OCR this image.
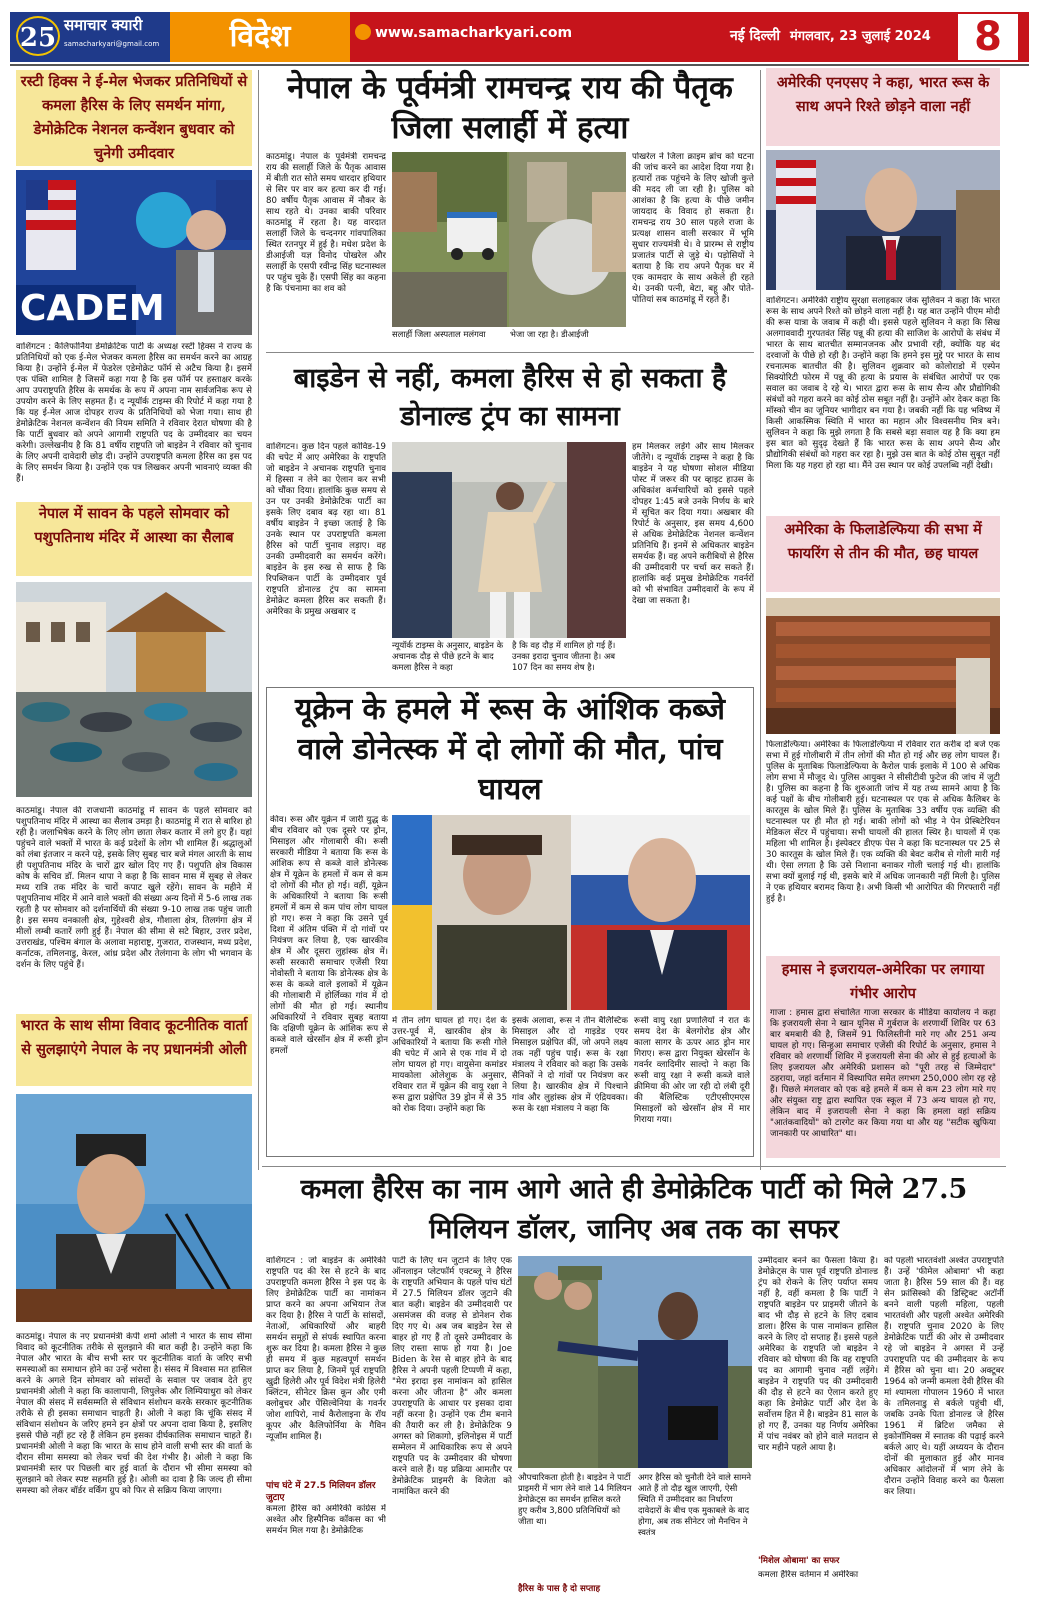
25 समाचार क्यारी
samacharkyari@gmail.com	विदेश	www.samacharkyari.com	नई दिल्ली मंगलवार, 23 जुलाई 2024	8
रस्टी हिक्स ने ई-मेल भेजकर प्रतिनिधियों से कमला हैरिस के लिए समर्थन मांगा, डेमोक्रेटिक नेशनल कन्वेंशन बुधवार को चुनेगी उमीदवार
CADEM
वाशिंगटन : कैलिफोर्निया डेमोक्रेटिक पार्टी के अध्यक्ष रस्टी हिक्स ने राज्य के प्रतिनिधियों को एक ई-मेल भेजकर कमला हैरिस का समर्थन करने का आग्रह किया है। उन्होंने ई-मेल में फेडरेल एडेमोक्रेट फॉर्म से अटैच किया है। इसमें एक पंक्ति शामिल है जिसमें कहा गया है कि इस फॉर्म पर हस्ताक्षर करके आप उपराष्ट्रपति हैरिस के समर्थक के रूप में अपना नाम सार्वजनिक रूप से उपयोग करने के लिए सहमत हैं। द न्यूयॉर्क टाइम्स की रिपोर्ट में कहा गया है कि यह ई-मेल आज दोपहर राज्य के प्रतिनिधियों को भेजा गया। साथ ही डेमोक्रेटिक नेशनल कन्वेंशन की नियम समिति ने रविवार देरात घोषणा की है कि पार्टी बुधवार को अपने आगामी राष्ट्रपति पद के उम्मीदवार का चयन करेगी। उल्लेखनीय है कि 81 वर्षीय राष्ट्रपति जो बाइडेन ने रविवार को चुनाव के लिए अपनी दावेदारी छोड़ दी। उन्होंने उपराष्ट्रपति कमला हैरिस का इस पद के लिए समर्थन किया है। उन्होंने एक पत्र लिखकर अपनी भावनाएं व्यक्त की हैं।
नेपाल में सावन के पहले सोमवार को पशुपतिनाथ मंदिर में आस्था का सैलाब
काठमांडू। नेपाल की राजधानी काठमांडू में सावन के पहले सोमवार को पशुपतिनाथ मंदिर में आस्था का सैलाब उमड़ा है। काठमांडू में रात से बारिश हो रही है। जलाभिषेक करने के लिए लोग छाता लेकर कतार में लगे हुए हैं। यहां पहुंचने वाले भक्तों में भारत के कई प्रदेशों के लोग भी शामिल हैं। श्रद्धालुओं को लंबा इंतजार न करने पड़े, इसके लिए सुबह चार बजे मंगल आरती के साथ ही पशुपतिनाथ मंदिर के चारों द्वार खोल दिए गए हैं। पशुपति क्षेत्र विकास कोष के सचिव डॉ. मिलन थापा ने कहा है कि सावन मास में सुबह से लेकर मध्य रात्रि तक मंदिर के चारों कपाट खुले रहेंगे। सावन के महीने में पशुपतिनाथ मंदिर में आने वाले भक्तों की संख्या अन्य दिनों में 5-6 लाख तक रहती है पर सोमवार को दर्शनार्थियों की संख्या 9-10 लाख तक पहुंच जाती है। इस समय वनकाली क्षेत्र, गुहेश्वरी क्षेत्र, गौशाला क्षेत्र, तिलगंगा क्षेत्र में मीलों लम्बी कतारें लगी हुई हैं। नेपाल की सीमा से सटे बिहार, उत्तर प्रदेश, उत्तराखंड, पश्चिम बंगाल के अलावा महाराष्ट्र, गुजरात, राजस्थान, मध्य प्रदेश, कर्नाटक, तमिलनाडु, केरल, आंध्र प्रदेश और तेलंगाना के लोग भी भगवान के दर्शन के लिए पहुंचे हैं।
भारत के साथ सीमा विवाद कूटनीतिक वार्ता से सुलझाएंगे नेपाल के नए प्रधानमंत्री ओली
काठमांडू। नेपाल के नए प्रधानमंत्री केपी शर्मा ओली ने भारत के साथ सीमा विवाद को कूटनीतिक तरीके से सुलझाने की बात कही है। उन्होंने कहा कि नेपाल और भारत के बीच सभी स्तर पर कूटनीतिक वार्ता के जरिए सभी समस्याओं का समाधान होने का उन्हें भरोसा है। संसद में विश्वास मत हासिल करने के अगले दिन सोमवार को सांसदों के सवाल पर जवाब देते हुए प्रधानमंत्री ओली ने कहा कि कालापानी, लिपुलेक और लिम्पियाधुरा को लेकर नेपाल की संसद में सर्वसम्मति से संविधान संशोधन करके सरकार कूटनीतिक तरीके से ही इसका समाधान चाहती है। ओली ने कहा कि चूंकि संसद में संविधान संशोधन के जरिए हमने इन क्षेत्रों पर अपना दावा किया है, इसलिए इससे पीछे नहीं हट रहे हैं लेकिन हम इसका दीर्घकालिक समाधान चाहते हैं। प्रधानमंत्री ओली ने कहा कि भारत के साथ होने वाली सभी स्तर की वार्ता के दौरान सीमा समस्या को लेकर चर्चा की देश गंभीर है। ओली ने कहा कि प्रधानमंत्री स्तर पर पिछली बार हुई वार्ता के दौरान भी सीमा समस्या को सुलझाने को लेकर स्पष्ट सहमति हुई है। ओली का दावा है कि जल्द ही सीमा समस्या को लेकर बॉर्डर वर्किंग ग्रुप को फिर से सक्रिय किया जाएगा।
नेपाल के पूर्वमंत्री रामचन्द्र राय की पैतृक जिला सलार्ही में हत्या
काठमांडू। नेपाल के पूर्वमंत्री रामचन्द्र राय की सलार्ही जिले के पैतृक आवास में बीती रात सोते समय धारदार हथियार से सिर पर वार कर हत्या कर दी गई। 80 वर्षीय पैतृक आवास में नौकर के साथ रहते थे। उनका बाकी परिवार काठमांडू में रहता है। यह वारदात सलार्ही जिले के चन्दनगर गांवपालिका स्थित रतनपुर में हुई है। मधेश प्रदेश के डीआईजी यज्ञ विनोद पोखरेल और सलार्ही के एसपी रवीन्द्र सिंह घटनास्थल पर पहुंच चुके हैं। एसपी सिंह का कहना है कि पंचनामा का शव को
सलार्ही जिला अस्पताल मलंगवा	भेजा जा रहा है। डीआईजी
पोखरेल ने जिला क्राइम ब्रांच को घटना की जांच करने का आदेश दिया गया है। हत्यारों तक पहुंचने के लिए खोजी कुत्ते की मदद ली जा रही है। पुलिस को आशंका है कि हत्या के पीछे जमीन जायदाद के विवाद हो सकता है। रामचन्द्र राय 30 साल पहले राजा के प्रत्यक्ष शासन वाली सरकार में भूमि सुधार राज्यमंत्री थे। वे प्रारम्भ से राष्ट्रीय प्रजातंत्र पार्टी से जुड़े थे। पड़ोसियों ने बताया है कि राय अपने पैतृक घर में एक कामदार के साथ अकेले ही रहते थे। उनकी पत्नी, बेटा, बहू और पोते-पोतियां सब काठमांडू में रहते हैं।
बाइडेन से नहीं, कमला हैरिस से हो सकता है डोनाल्ड ट्रंप का सामना
वाशिंगटन। कुछ दिन पहले कोविड-19 की चपेट में आए अमेरिका के राष्ट्रपति जो बाइडेन ने अचानक राष्ट्रपति चुनाव में हिस्सा न लेने का ऐलान कर सभी को चौंका दिया। हालांकि कुछ समय से उन पर उनकी डेमोक्रेटिक पार्टी का इसके लिए दबाव बढ़ रहा था। 81 वर्षीय बाइडेन ने इच्छा जताई है कि उनके स्थान पर उपराष्ट्रपति कमला हैरिस को पार्टी चुनाव लड़ाए। वह उनकी उम्मीदवारी का समर्थन करेंगे। बाइडेन के इस रुख से साफ है कि रिपब्लिकन पार्टी के उम्मीदवार पूर्व राष्ट्रपति डोनाल्ड ट्रंप का सामना डेमोक्रेट कमला हैरिस कर सकती हैं। अमेरिका के प्रमुख अखबार द
न्यूयॉर्क टाइम्स के अनुसार, बाइडेन के अचानक दौड़ से पीछे हटने के बाद कमला हैरिस ने कहा
है कि वह दौड़ में शामिल हो गई हैं। उनका इरादा चुनाव जीतना है। अब 107 दिन का समय शेष है।
हम मिलकर लड़ेंगे और साथ मिलकर जीतेंगे। द न्यूयॉर्क टाइम्स ने कहा है कि बाइडेन ने यह घोषणा सोशल मीडिया पोस्ट में जरूर की पर व्हाइट हाउस के अधिकांश कर्मचारियों को इससे पहले दोपहर 1:45 बजे उनके निर्णय के बारे में सूचित कर दिया गया। अखबार की रिपोर्ट के अनुसार, इस समय 4,600 से अधिक डेमोक्रेटिक नेशनल कन्वेंशन प्रतिनिधि हैं। इनमें से अधिकतर बाइडेन समर्थक हैं। वह अपने करीबियों से हैरिस की उम्मीदवारी पर चर्चा कर सकते हैं। हालांकि कई प्रमुख डेमोक्रेटिक गवर्नरों को भी संभावित उम्मीदवारों के रूप में देखा जा सकता है।
यूक्रेन के हमले में रूस के आंशिक कब्जे वाले डोनेत्स्क में दो लोगों की मौत, पांच घायल
कीव। रूस और यूक्रेन में जारी युद्ध के बीच रविवार को एक दूसरे पर ड्रोन, मिसाइल और गोलाबारी की। रूसी सरकारी मीडिया ने बताया कि रूस के आंशिक रूप से कब्जे वाले डोनेत्स्क क्षेत्र में यूक्रेन के हमलों में कम से कम दो लोगों की मौत हो गई। वहीं, यूक्रेन के अधिकारियों ने बताया कि रूसी हमलों में कम से कम पांच लोग घायल हो गए। रूस ने कहा कि उसने पूर्व दिशा में अंतिम पंक्ति में दो गांवों पर नियंत्रण कर लिया है, एक खारकीव क्षेत्र में और दूसरा लुहांस्क क्षेत्र में। रूसी सरकारी समाचार एजेंसी रिया नोवोस्ती ने बताया कि डोनेत्स्क क्षेत्र के रूस के कब्जे वाले इलाकों में यूक्रेन की गोलाबारी में होर्लिव्का गांव में दो लोगों की मौत हो गई। स्थानीय अधिकारियों ने रविवार सुबह बताया कि दक्षिणी यूक्रेन के आंशिक रूप से कब्जे वाले खेरसॉन क्षेत्र में रूसी ड्रोन हमलों
में तीन लोग घायल हो गए। देश के उत्तर-पूर्व में, खारकीव क्षेत्र के अधिकारियों ने बताया कि रूसी गोले की चपेट में आने से एक गांव में दो लोग घायल हो गए। वायुसेना कमांडर मायकोला ओलेशुक के अनुसार, रविवार रात में यूक्रेन की वायु रक्षा ने रूस द्वारा प्रक्षेपित 39 ड्रोन में से 35 को रोक दिया। उन्होंने कहा कि
इसके अलावा, रूस ने तीन बैलिस्टिक मिसाइल और दो गाइडेड एयर मिसाइल प्रक्षेपित कीं, जो अपने लक्ष्य तक नहीं पहुंच पाईं। रूस के रक्षा मंत्रालय ने रविवार को कहा कि उसके सैनिकों ने दो गांवों पर नियंत्रण कर लिया है। खारकीव क्षेत्र में पिश्चाने गांव और लुहांस्क क्षेत्र में एंद्रियवका। रूस के रक्षा मंत्रालय ने कहा कि
रूसी वायु रक्षा प्रणालियों ने रात के समय देश के बेलगोरोड क्षेत्र और काला सागर के ऊपर आठ ड्रोन मार गिराए। रूस द्वारा नियुक्त खेरसॉन के गवर्नर व्लादिमीर साल्दो ने कहा कि रूसी वायु रक्षा ने रूसी कब्जे वाले क्रीमिया की ओर जा रही दो लंबी दूरी की बैलिस्टिक एटीएसीएमएस मिसाइलों को खेरसॉन क्षेत्र में मार गिराया गया।
अमेरिकी एनएसए ने कहा, भारत रूस के साथ अपने रिश्ते छोड़ने वाला नहीं
वाशिंगटन। अमेरिकी राष्ट्रीय सुरक्षा सलाहकार जेक सुलिवन ने कहा कि भारत रूस के साथ अपने रिश्ते को छोड़ने वाला नहीं है। यह बात उन्होंने पीएम मोदी की रूस यात्रा के जवाब में कही थी। इससे पहले सुलिवन ने कहा कि सिख अलगाववादी गुरपतवंत सिंह पन्नू की हत्या की साजिश के आरोपों के संबंध में भारत के साथ बातचीत सम्मानजनक और प्रभावी रही, क्योंकि यह बंद दरवाजों के पीछे हो रही है। उन्होंने कहा कि हमने इस मुद्दे पर भारत के साथ रचनात्मक बातचीत की है। सुलिवन शुक्रवार को कोलोराडो में एस्पेन सिक्योरिटी फोरम में पन्नू की हत्या के प्रयास के संबंधित आरोपों पर एक सवाल का जवाब दे रहे थे। भारत द्वारा रूस के साथ सैन्य और प्रौद्योगिकी संबंधों को गहरा करने का कोई ठोस सबूत नहीं है। उन्होंने ओर देकर कहा कि मॉस्को चीन का जूनियर भागीदार बन गया है। जबकी नहीं कि यह भविष्य में किसी आकस्मिक स्थिति में भारत का महान और विश्वसनीय मित्र बने। सुलिवन ने कहा कि मुझे लगता है कि सबसे बड़ा सवाल यह है कि क्या हम इस बात को सुदृढ़ देखते हैं कि भारत रूस के साथ अपने सैन्य और प्रौद्योगिकी संबंधों को गहरा कर रहा है। मुझे उस बात के कोई ठोस सुबूत नहीं मिला कि यह गहरा हो रहा था। मैंने उस स्थान पर कोई उपलब्धि नहीं देखी।
अमेरिका के फिलाडेल्फिया की सभा में फायरिंग से तीन की मौत, छह घायल
फिलाडेल्फिया। अमेरिका के फिलाडेल्फिया में रविवार रात करीब दो बजे एक सभा में हुई गोलीबारी में तीन लोगों की मौत हो गई और छह लोग घायल हैं। पुलिस के मुताबिक फिलाडेल्फिया के कैरोल पार्क इलाके में 100 से अधिक लोग सभा में मौजूद थे। पुलिस आयुक्त ने सीसीटीवी फुटेज की जांच में जुटी है। पुलिस का कहना है कि शुरुआती जांच में यह तथ्य सामने आया है कि कई पक्षों के बीच गोलीबारी हुई। घटनास्थल पर एक से अधिक कैलिबर के कारतूस के खोल मिले हैं। पुलिस के मुताबिक 33 वर्षीय एक व्यक्ति की घटनास्थल पर ही मौत हो गई। बाकी लोगों को भीड़ ने पेन प्रेस्बिटेरियन मेडिकल सेंटर में पहुंचाया। सभी घायलों की हालत स्थिर है। घायलों में एक महिला भी शामिल है। इंस्पेक्टर डीएफ पेस ने कहा कि घटनास्थल पर 25 से 30 कारतूस के खोल मिले हैं। एक व्यक्ति की बेवट करीब से गोली मारी गई थी। ऐसा लगता है कि उसे निशाना बनाकर गोली चलाई गई थी। हालांकि सभा क्यों बुलाई गई थी, इसके बारे में अधिक जानकारी नहीं मिली है। पुलिस ने एक हथियार बरामद किया है। अभी किसी भी आरोपित की गिरफ्तारी नहीं हुई है।
हमास ने इजरायल-अमेरिका पर लगाया गंभीर आरोप
गाजा : हमास द्वारा संचालित गाजा सरकार के मीडिया कार्यालय ने कहा कि इजरायली सेना ने खान यूनिस में गुर्बराज के शरणार्थी शिविर पर 63 बार बमबारी की है, जिसमें 91 फिलिस्तीनी मारे गए और 251 अन्य घायल हो गए। सिन्हुआ समाचार एजेंसी की रिपोर्ट के अनुसार, हमास ने रविवार को शरणार्थी शिविर में इजरायली सेना की ओर से हुई हत्याओं के लिए इजरायल और अमेरिकी प्रशासन को "पूरी तरह से जिम्मेदार" ठहराया, जहां वर्तमान में विस्थापित समेत लगभग 250,000 लोग रह रहे हैं। पिछले मंगलवार को एक बड़े हमले में कम से कम 23 लोग मारे गए और संयुक्त राष्ट्र द्वारा स्थापित एक स्कूल में 73 अन्य घायल हो गए, लेकिन बाद में इजरायली सेना ने कहा कि हमला वहां सक्रिय "आतंकवादियों" को टारगेट कर किया गया था और यह "सटीक खुफिया जानकारी पर आधारित" था।
कमला हैरिस का नाम आगे आते ही डेमोक्रेटिक पार्टी को मिले 27.5 मिलियन डॉलर, जानिए अब तक का सफर
वाशिंगटन : जो बाइडेन के अमेरिकी राष्ट्रपति पद की रेस से हटने के बाद उपराष्ट्रपति कमला हैरिस ने इस पद के लिए डेमोक्रेटिक पार्टी का नामांकन प्राप्त करने का अपना अभियान तेज कर दिया है। हैरिस ने पार्टी के सांसदों, नेताओं, अधिकारियों और बाहरी समर्थन समूहों से संपर्क स्थापित करना शुरू कर दिया है। कमला हैरिस ने कुछ ही समय में कुछ महत्वपूर्ण समर्थन प्राप्त कर लिया है, जिनमें पूर्व राष्ट्रपति खुद्री हिलेरी और पूर्व विदेश मंत्री हिलेरी क्लिंटन, सीनेटर क्रिस कून और एमी क्लोबुचर और पेंसिल्वेनिया के गवर्नर जोश शापिरो, नार्थ कैरोलाइना के रॉय कूपर और कैलिफोर्निया के गैविन न्यूजॉम शामिल हैं।
पांच घंटे में 27.5 मिलियन डॉलर जुटाए
कमला हैरिस को अमेरिकी कांग्रेस में अश्वेत और हिस्पैनिक कॉकस का भी समर्थन मिल गया है। डेमोक्रेटिक
पार्टी के लिए धन जुटाने के लिए एक ऑनलाइन प्लेटफॉर्म एक्टब्लू ने हैरिस के राष्ट्रपति अभियान के पहले पांच घंटों में 27.5 मिलियन डॉलर जुटाने की बात कही। बाइडेन की उम्मीदवारी पर असमंजस की वजह से डोनेशन रोक दिए गए थे। अब जब बाइडेन रेस से बाहर हो गए हैं तो दूसरे उम्मीदवार के लिए रास्ता साफ हो गया है। Joe Biden के रेस से बाहर होने के बाद हैरिस ने अपनी पहली टिप्पणी में कहा, "मेरा इरादा इस नामांकन को हासिल करना और जीतना है" और कमला उपराष्ट्रपति के आधार पर इसका दावा नहीं करना है। उन्होंने एक टीम बनाने की तैयारी कर ली है। डेमोक्रेटिक 9 अगस्त को शिकागो, इलिनोइस में पार्टी सम्मेलन में आधिकारिक रूप से अपने राष्ट्रपति पद के उम्मीदवार की घोषणा करने वाले हैं। यह प्रक्रिया आमतौर पर डेमोक्रेटिक प्राइमरी के विजेता को नामांकित करने की
औपचारिकता होती है। बाइडेन ने पार्टी प्राइमरी में भाग लेने वाले 14 मिलियन डेमोक्रेट्स का समर्थन हासिल करते हुए करीब 3,800 प्रतिनिधियों को जीता था।
हैरिस के पास है दो सप्ताह
अगर हैरिस को चुनौती देने वाले सामने आते हैं तो दौड़ खुल जाएगी, ऐसी स्थिति में उम्मीदवार का निर्धारण दावेदारों के बीच एक मुकाबले के बाद होगा, अब तक सीनेटर जो मैनचिन ने स्वतंत्र
उम्मीदवार बनने का फैसला किया है। डेमोक्रेट्स के पास पूर्व राष्ट्रपति डोनाल्ड ट्रंप को रोकने के लिए पर्याप्त समय नहीं है, वहीं कमला है कि पार्टी ने राष्ट्रपति बाइडेन पर प्राइमरी जीतने के बाद भी दौड़ से हटने के लिए दबाव डाला। हैरिस के पास नामांकन हासिल करने के लिए दो सप्ताह हैं। इससे पहले अमेरिका के राष्ट्रपति जो बाइडेन ने रविवार को घोषणा की कि वह राष्ट्रपति पद का आगामी चुनाव नहीं लड़ेंगे। बाइडेन ने राष्ट्रपति पद की उम्मीदवारी की दौड़ से हटने का ऐलान करते हुए कहा कि डेमोक्रेट पार्टी और देश के सर्वोत्तम हित में है। बाइडेन 81 साल के हो गए हैं, उनका यह निर्णय अमेरिका में पांच नवंबर को होने वाले मतदान से चार महीने पहले आया है।
'मिशेल ओबामा' का सफर
कमला हैरिस वर्तमान में अमेरिका
को पहली भारतवंशी अश्वेत उपराष्ट्रपति हैं। उन्हें 'फीमेल ओबामा' भी कहा जाता है। हैरिस 59 साल की हैं। वह सेन फ्रांसिस्को की डिस्ट्रिक्ट अटॉर्नी बनने वाली पहली महिला, पहली भारतवंशी और पहली अश्वेत अमेरिकी हैं। राष्ट्रपति चुनाव 2020 के लिए डेमोक्रेटिक पार्टी की ओर से उम्मीदवार रहे जो बाइडेन ने अगस्त में उन्हें उपराष्ट्रपति पद की उम्मीदवार के रूप में हैरिस को चुना था। 20 अक्टूबर 1964 को जन्मी कमला देवी हैरिस की मां श्यामला गोपालन 1960 में भारत के तमिलनाडु से बर्कले पहुंची थीं, जबकि उनके पिता डोनाल्ड जे हैरिस 1961 में ब्रिटिश जमैका से इकोनॉमिक्स में स्नातक की पढ़ाई करने बर्कले आए थे। यहीं अध्ययन के दौरान दोनों की मुलाकात हुई और मानव अधिकार आंदोलनों में भाग लेने के दौरान उन्होंने विवाह करने का फैसला कर लिया।
